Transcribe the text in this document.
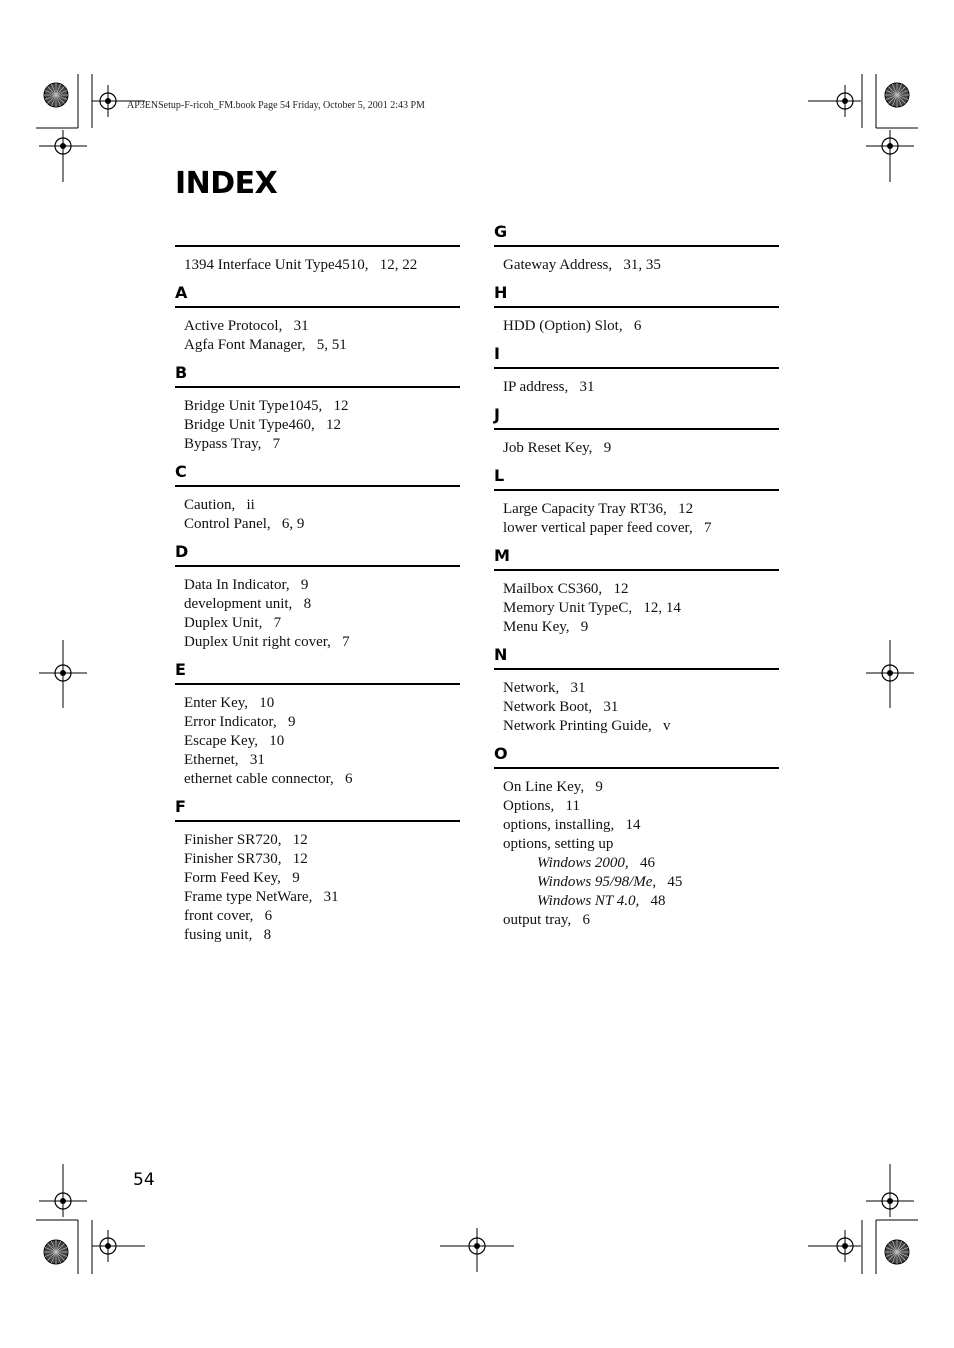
AP3ENSetup-F-ricoh_FM.book Page 54 Friday, October 5, 2001 2:43 PM
INDEX
1394 Interface Unit Type4510, 12, 22
A
Active Protocol, 31
Agfa Font Manager, 5, 51
B
Bridge Unit Type1045, 12
Bridge Unit Type460, 12
Bypass Tray, 7
C
Caution, ii
Control Panel, 6, 9
D
Data In Indicator, 9
development unit, 8
Duplex Unit, 7
Duplex Unit right cover, 7
E
Enter Key, 10
Error Indicator, 9
Escape Key, 10
Ethernet, 31
ethernet cable connector, 6
F
Finisher SR720, 12
Finisher SR730, 12
Form Feed Key, 9
Frame type NetWare, 31
front cover, 6
fusing unit, 8
G
Gateway Address, 31, 35
H
HDD (Option) Slot, 6
I
IP address, 31
J
Job Reset Key, 9
L
Large Capacity Tray RT36, 12
lower vertical paper feed cover, 7
M
Mailbox CS360, 12
Memory Unit TypeC, 12, 14
Menu Key, 9
N
Network, 31
Network Boot, 31
Network Printing Guide, v
O
On Line Key, 9
Options, 11
options, installing, 14
options, setting up
Windows 2000, 46
Windows 95/98/Me, 45
Windows NT 4.0, 48
output tray, 6
54
